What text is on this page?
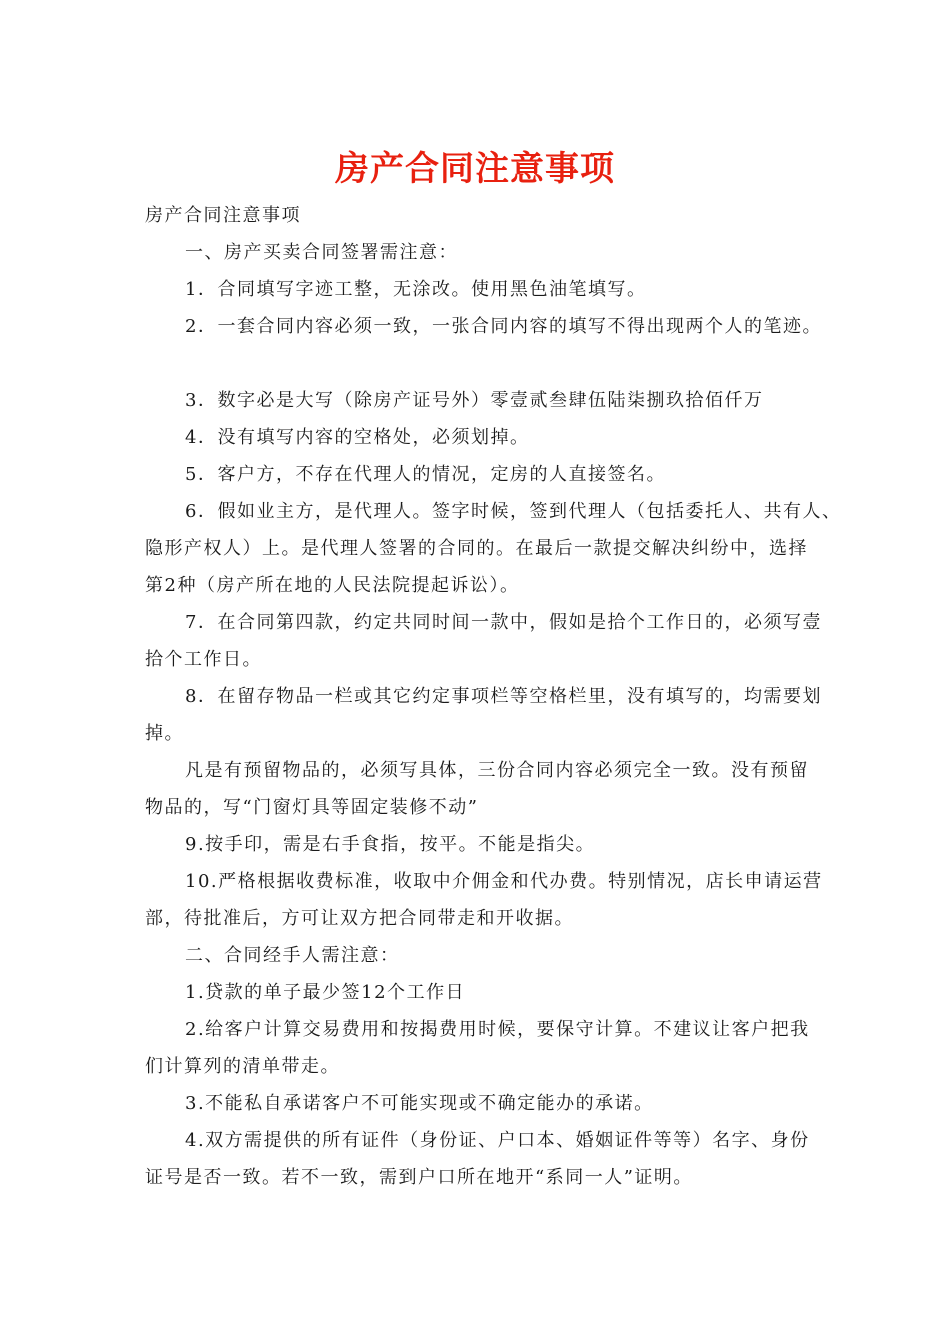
房产合同注意事项
房产合同注意事项
一、房产买卖合同签署需注意：
1．合同填写字迹工整，无涂改。使用黑色油笔填写。
2．一套合同内容必须一致，一张合同内容的填写不得出现两个人的笔迹。
3．数字必是大写（除房产证号外）零壹贰叁肆伍陆柒捌玖拾佰仟万
4．没有填写内容的空格处，必须划掉。
5．客户方，不存在代理人的情况，定房的人直接签名。
6．假如业主方，是代理人。签字时候，签到代理人（包括委托人、共有人、
隐形产权人）上。是代理人签署的合同的。在最后一款提交解决纠纷中，选择
第2种（房产所在地的人民法院提起诉讼）。
7．在合同第四款，约定共同时间一款中，假如是拾个工作日的，必须写壹
拾个工作日。
8．在留存物品一栏或其它约定事项栏等空格栏里，没有填写的，均需要划
掉。
凡是有预留物品的，必须写具体，三份合同内容必须完全一致。没有预留
物品的，写“门窗灯具等固定装修不动”
9.按手印，需是右手食指，按平。不能是指尖。
10.严格根据收费标准，收取中介佣金和代办费。特别情况，店长申请运营
部，待批准后，方可让双方把合同带走和开收据。
二、合同经手人需注意：
1.贷款的单子最少签12个工作日
2.给客户计算交易费用和按揭费用时候，要保守计算。不建议让客户把我
们计算列的清单带走。
3.不能私自承诺客户不可能实现或不确定能办的承诺。
4.双方需提供的所有证件（身份证、户口本、婚姻证件等等）名字、身份
证号是否一致。若不一致，需到户口所在地开“系同一人”证明。
